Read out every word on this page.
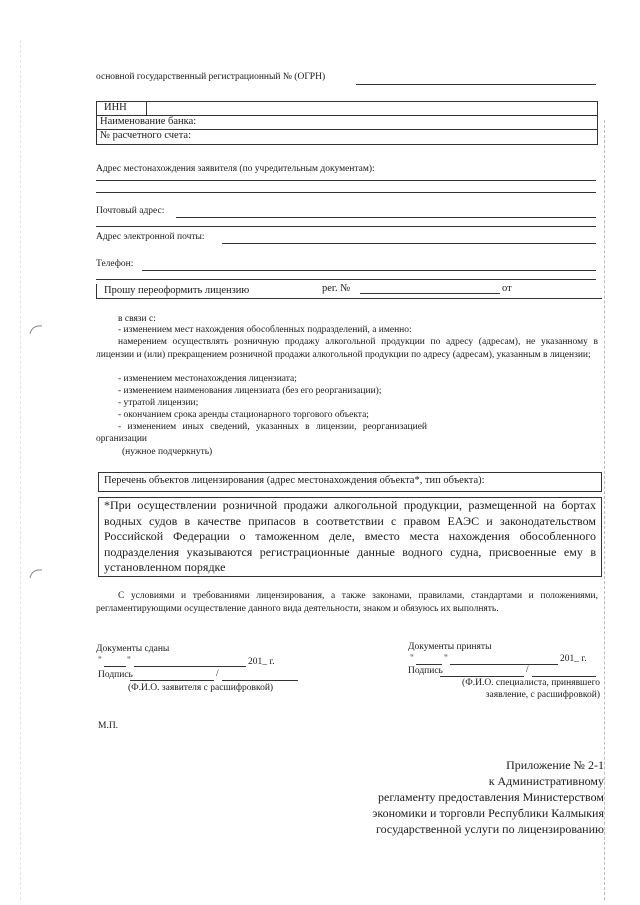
основной государственный регистрационный № (ОГРН)
ИНН
Наименование банка:
№ расчетного счета:
Адрес местонахождения заявителя (по учредительным документам):
Почтовый адрес:
Адрес электронной почты:
Телефон:
Прошу переоформить лицензию	рег. №	от
в связи с:
- изменением мест нахождения обособленных подразделений, а именно:
намерением осуществлять розничную продажу алкогольной продукции по адресу (адресам), не указанному в лицензии и (или) прекращением розничной продажи алкогольной продукции по адресу (адресам), указанным в лицензии;
- изменением местонахождения лицензиата;
- изменением наименования лицензиата (без его реорганизации);
- утратой лицензии;
- окончанием срока аренды стационарного торгового объекта;
- изменением иных сведений, указанных в лицензии, реорганизацией
организации
(нужное подчеркнуть)
Перечень объектов лицензирования (адрес местонахождения объекта*, тип объекта):
*При осуществлении розничной продажи алкогольной продукции, размещенной на бортах водных судов в качестве припасов в соответствии с правом ЕАЭС и законодательством Российской Федерации о таможенном деле, вместо места нахождения обособленного подразделения указываются регистрационные данные водного судна, присвоенные ему в установленном порядке
С условиями и требованиями лицензирования, а также законами, правилами, стандартами и положениями, регламентирующими осуществление данного вида деятельности, знаком и обязуюсь их выполнять.
Документы сданы
"	"	201_ г.
Подпись	/
(Ф.И.О. заявителя с расшифровкой)
Документы приняты
"	"	201_ г.
Подпись	/
(Ф.И.О. специалиста, принявшего
заявление, с расшифровкой)
М.П.
Приложение № 2-1
к Административному
регламенту предоставления Министерством
экономики и торговли Республики Калмыкия
государственной услуги по лицензированию
